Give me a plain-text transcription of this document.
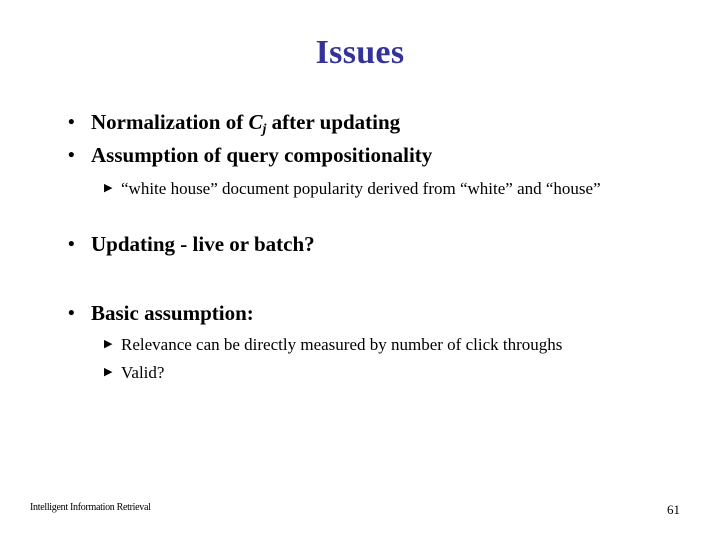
Issues
• Normalization of Cj after updating
• Assumption of query compositionality
▶ “white house” document popularity derived from “white” and “house”
• Updating - live or batch?
• Basic assumption:
▶ Relevance can be directly measured by number of click throughs
▶ Valid?
Intelligent Information Retrieval	61
